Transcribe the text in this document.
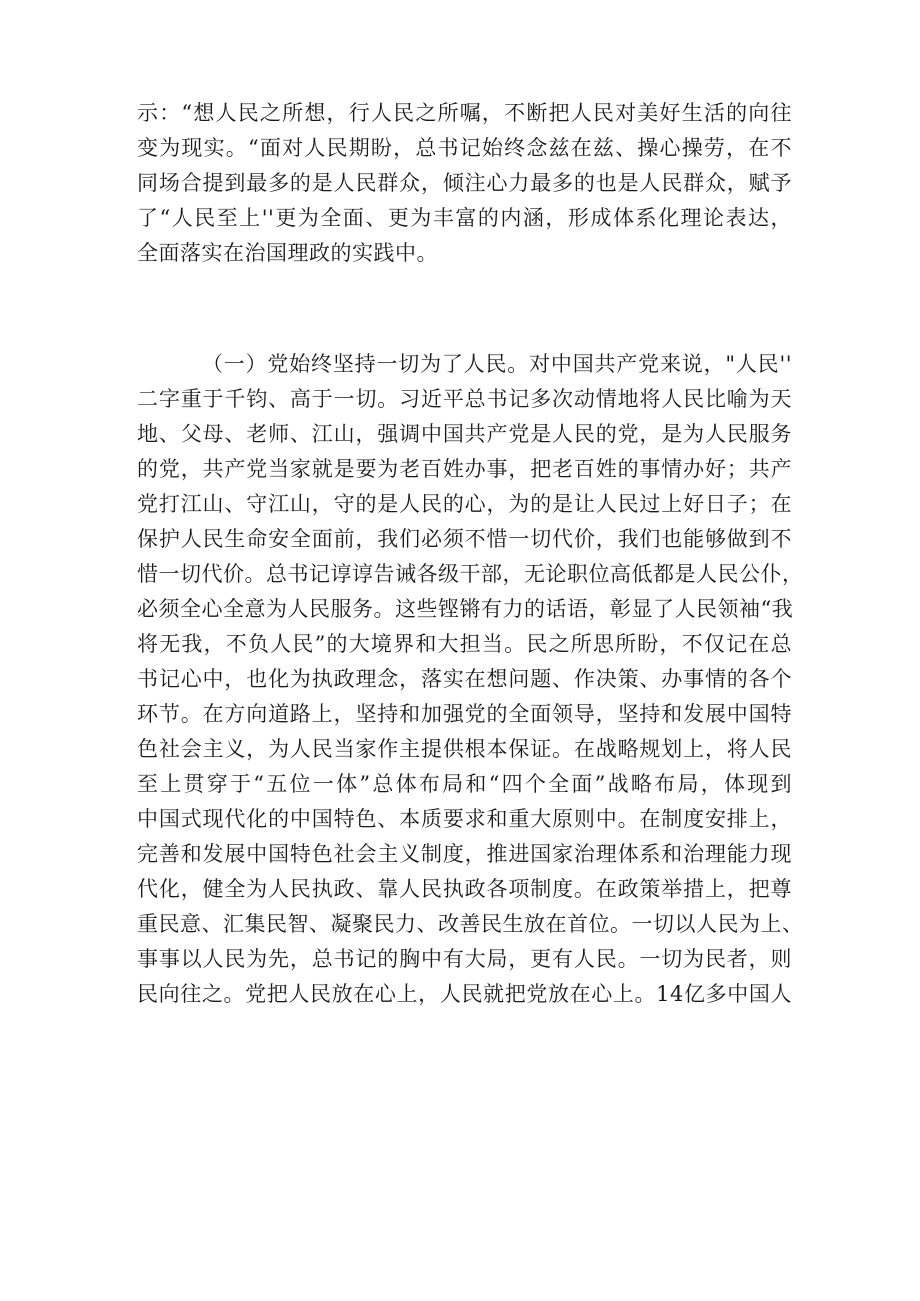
示：“想人民之所想，行人民之所嘱，不断把人民对美好生活的向往
变为现实。“面对人民期盼，总书记始终念兹在兹、操心操劳，在不
同场合提到最多的是人民群众，倾注心力最多的也是人民群众，赋予
了“人民至上''更为全面、更为丰富的内涵，形成体系化理论表达，
全面落实在治国理政的实践中。
（一）党始终坚持一切为了人民。对中国共产党来说，"人民''
二字重于千钧、高于一切。习近平总书记多次动情地将人民比喻为天
地、父母、老师、江山，强调中国共产党是人民的党，是为人民服务
的党，共产党当家就是要为老百姓办事，把老百姓的事情办好；共产
党打江山、守江山，守的是人民的心，为的是让人民过上好日子；在
保护人民生命安全面前，我们必须不惜一切代价，我们也能够做到不
惜一切代价。总书记谆谆告诫各级干部，无论职位高低都是人民公仆，
必须全心全意为人民服务。这些铿锵有力的话语，彰显了人民领袖“我
将无我，不负人民”的大境界和大担当。民之所思所盼，不仅记在总
书记心中，也化为执政理念，落实在想问题、作决策、办事情的各个
环节。在方向道路上，坚持和加强党的全面领导，坚持和发展中国特
色社会主义，为人民当家作主提供根本保证。在战略规划上，将人民
至上贯穿于“五位一体”总体布局和“四个全面”战略布局，体现到
中国式现代化的中国特色、本质要求和重大原则中。在制度安排上，
完善和发展中国特色社会主义制度，推进国家治理体系和治理能力现
代化，健全为人民执政、靠人民执政各项制度。在政策举措上，把尊
重民意、汇集民智、凝聚民力、改善民生放在首位。一切以人民为上、
事事以人民为先，总书记的胸中有大局，更有人民。一切为民者，则
民向往之。党把人民放在心上，人民就把党放在心上。14亿多中国人
